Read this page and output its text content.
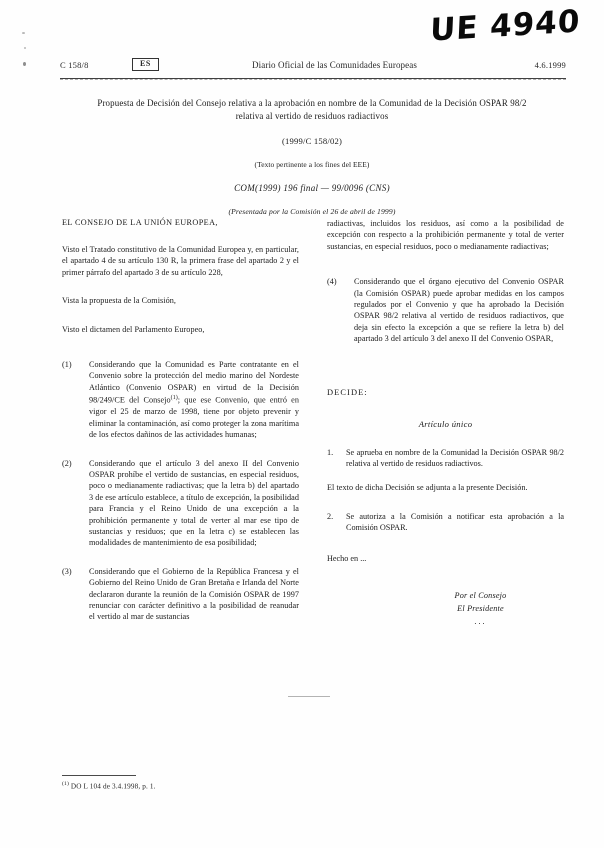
UE 4940
C 158/8	ES	Diario Oficial de las Comunidades Europeas	4.6.1999
Propuesta de Decisión del Consejo relativa a la aprobación en nombre de la Comunidad de la Decisión OSPAR 98/2 relativa al vertido de residuos radiactivos
(1999/C 158/02)
(Texto pertinente a los fines del EEE)
COM(1999) 196 final — 99/0096 (CNS)
(Presentada por la Comisión el 26 de abril de 1999)

EL CONSEJO DE LA UNIÓN EUROPEA,

Visto el Tratado constitutivo de la Comunidad Europea y, en particular, el apartado 4 de su artículo 130 R, la primera frase del apartado 2 y el primer párrafo del apartado 3 de su artículo 228,

Vista la propuesta de la Comisión,

Visto el dictamen del Parlamento Europeo,

(1)	Considerando que la Comunidad es Parte contratante en el Convenio sobre la protección del medio marino del Nordeste Atlántico (Convenio OSPAR) en virtud de la Decisión 98/249/CE del Consejo$^{(1)}$; que ese Convenio, que entró en vigor el 25 de marzo de 1998, tiene por objeto prevenir y eliminar la contaminación, así como proteger la zona marítima de los efectos dañinos de las actividades humanas;
(2)	Considerando que el artículo 3 del anexo II del Convenio OSPAR prohíbe el vertido de sustancias, en especial residuos, poco o medianamente radiactivas; que la letra b) del apartado 3 de ese artículo establece, a título de excepción, la posibilidad para Francia y el Reino Unido de una excepción a la prohibición permanente y total de verter al mar ese tipo de sustancias y residuos; que en la letra c) se establecen las modalidades de mantenimiento de esa posibilidad;
(3)	Considerando que el Gobierno de la República Francesa y el Gobierno del Reino Unido de Gran Bretaña e Irlanda del Norte declararon durante la reunión de la Comisión OSPAR de 1997 renunciar con carácter definitivo a la posibilidad de reanudar el vertido al mar de sustancias

radiactivas, incluidos los residuos, así como a la posibilidad de excepción con respecto a la prohibición permanente y total de verter sustancias, en especial residuos, poco o medianamente radiactivas;

(4)	Considerando que el órgano ejecutivo del Convenio OSPAR (la Comisión OSPAR) puede aprobar medidas en los campos regulados por el Convenio y que ha aprobado la Decisión OSPAR 98/2 relativa al vertido de residuos radiactivos, que deja sin efecto la excepción a que se refiere la letra b) del apartado 3 del artículo 3 del anexo II del Convenio OSPAR,
DECIDE:
Artículo único
1.	Se aprueba en nombre de la Comunidad la Decisión OSPAR 98/2 relativa al vertido de residuos radiactivos.

El texto de dicha Decisión se adjunta a la presente Decisión.

2.	Se autoriza a la Comisión a notificar esta aprobación a la Comisión OSPAR.
Hecho en ...
Por el Consejo
El Presidente
...
$^{(1)}$ DO L 104 de 3.4.1998, p. 1.
